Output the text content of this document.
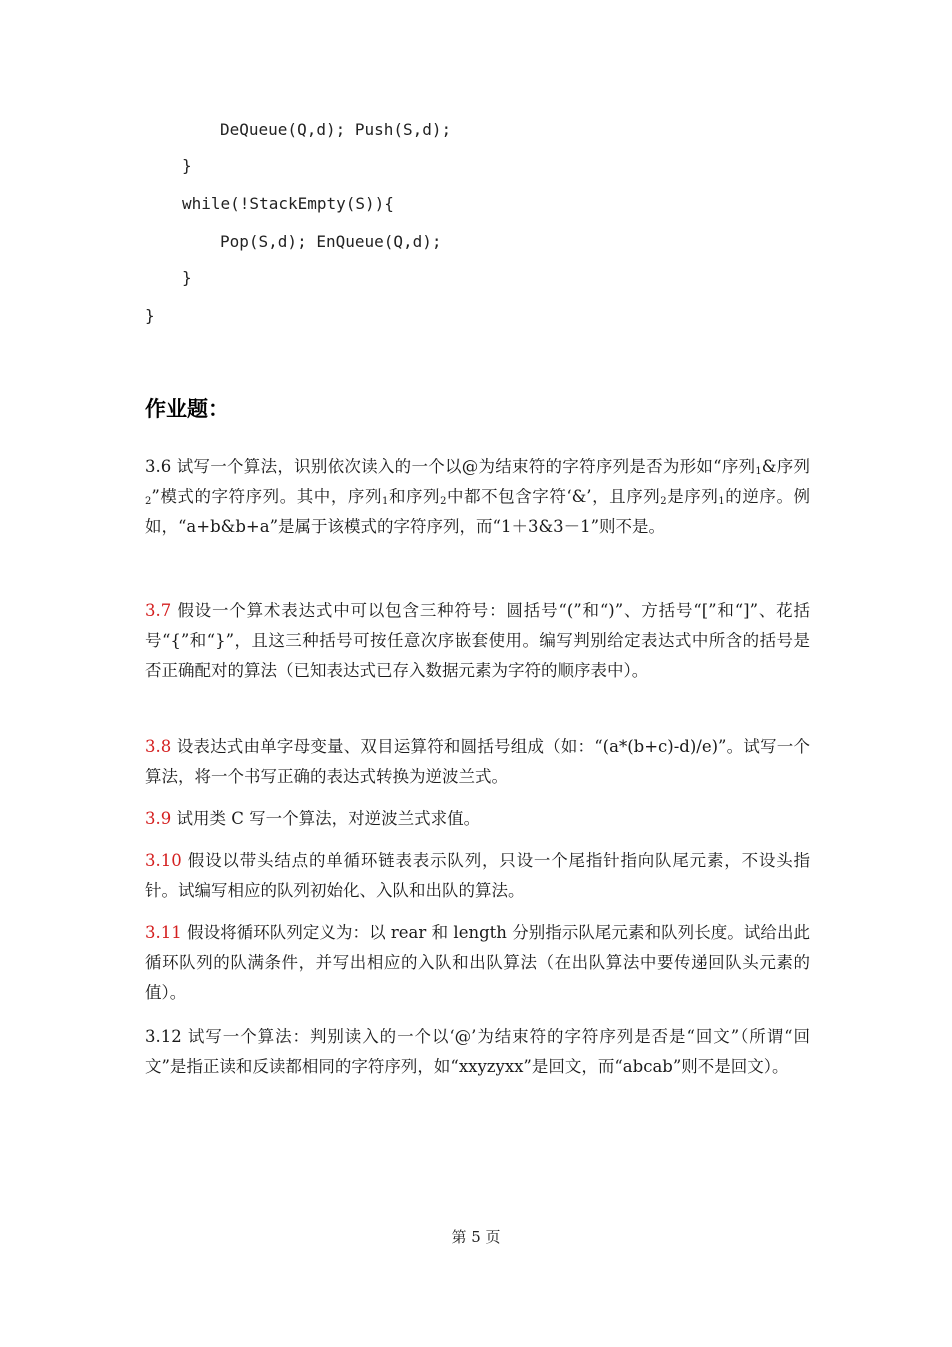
DeQueue(Q,d); Push(S,d);

}

while(!StackEmpty(S)){

Pop(S,d); EnQueue(Q,d);

}

}

作业题：
3.6 试写一个算法，识别依次读入的一个以@为结束符的字符序列是否为形如“序列$_1$&序列$_2$”模式的字符序列。其中，序列$_1$和序列$_2$中都不包含字符‘&’，且序列$_2$是序列$_1$的逆序。例如，“a+b&b+a”是属于该模式的字符序列，而“1＋3&3－1”则不是。
3.7 假设一个算术表达式中可以包含三种符号：圆括号“(”和“)”、方括号“[”和“]”、花括号“{”和“}”，且这三种括号可按任意次序嵌套使用。编写判别给定表达式中所含的括号是否正确配对的算法（已知表达式已存入数据元素为字符的顺序表中）。
3.8 设表达式由单字母变量、双目运算符和圆括号组成（如：“(a*(b+c)-d)/e)”。试写一个算法，将一个书写正确的表达式转换为逆波兰式。
3.9 试用类 C 写一个算法，对逆波兰式求值。
3.10 假设以带头结点的单循环链表表示队列，只设一个尾指针指向队尾元素，不设头指针。试编写相应的队列初始化、入队和出队的算法。
3.11 假设将循环队列定义为：以 rear 和 length 分别指示队尾元素和队列长度。试给出此循环队列的队满条件，并写出相应的入队和出队算法（在出队算法中要传递回队头元素的值）。
3.12 试写一个算法：判别读入的一个以‘@’为结束符的字符序列是否是“回文”（所谓“回文”是指正读和反读都相同的字符序列，如“xxyzyxx”是回文，而“abcab”则不是回文）。
第 5 页
